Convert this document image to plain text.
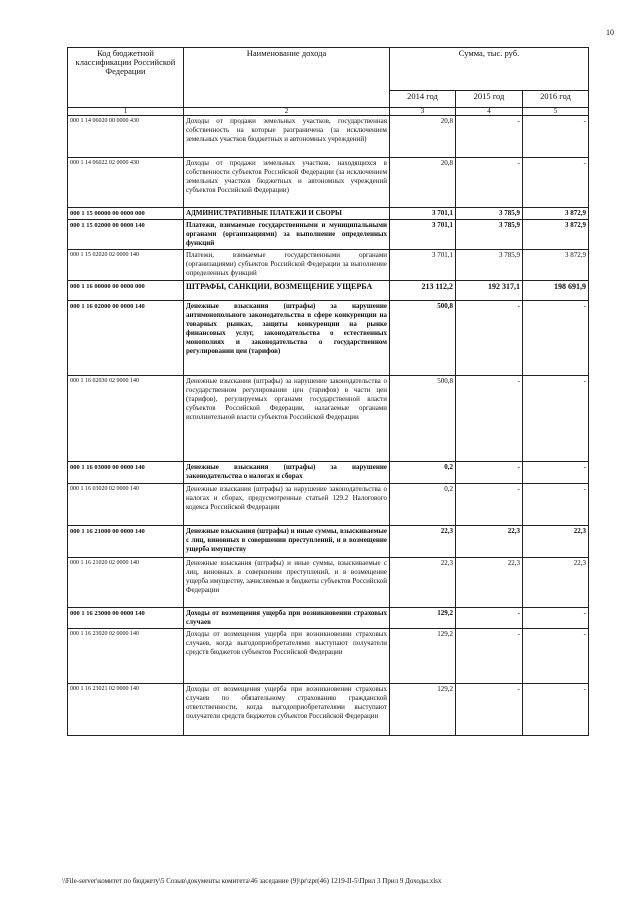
10
Код бюджетной классификации Российской Федерации	Наименование дохода	Сумма, тыс. руб.		
		2014 год	2015 год	2016 год
1	2	3	4	5
000 1 14 06020 00 0000 430	Доходы от продажи земельных участков, государственная собственность на которые разграничена (за исключением земельных участков бюджетных и автономных учреждений)	20,8	-	-
000 1 14 06022 02 0000 430	Доходы от продажи земельных участков, находящихся в собственности субъектов Российской Федерации (за исключением земельных участков бюджетных и автономных учреждений субъектов Российской Федерации)	20,8	-	-
000 1 15 00000 00 0000 000	АДМИНИСТРАТИВНЫЕ ПЛАТЕЖИ И СБОРЫ	3 701,1	3 785,9	3 872,9
000 1 15 02000 00 0000 140	Платежи, взимаемые государственными и муниципальными органами (организациями) за выполнение определенных функций	3 701,1	3 785,9	3 872,9
000 1 15 02020 02 0000 140	Платежи, взимаемые государственными органами (организациями) субъектов Российской Федерации за выполнение определенных функций	3 701,1	3 785,9	3 872,9
000 1 16 00000 00 0000 000	ШТРАФЫ, САНКЦИИ, ВОЗМЕЩЕНИЕ УЩЕРБА	213 112,2	192 317,1	198 691,9
000 1 16 02000 00 0000 140	Денежные взыскания (штрафы) за нарушение антимонопольного законодательства в сфере конкуренции на товарных рынках, защиты конкуренции на рынке финансовых услуг, законодательства о естественных монополиях и законодательства о государственном регулировании цен (тарифов)	500,8	-	-
000 1 16 02030 02 0000 140	Денежные взыскания (штрафы) за нарушение законодательства о государственном регулировании цен (тарифов) в части цен (тарифов), регулируемых органами государственной власти субъектов Российской Федерации, налагаемые органами исполнительной власти субъектов Российской Федерации	500,8	-	-
000 1 16 03000 00 0000 140	Денежные взыскания (штрафы) за нарушение законодательства о налогах и сборах	0,2	-	-
000 1 16 03020 02 0000 140	Денежные взыскания (штрафы) за нарушение законодательства о налогах и сборах, предусмотренные статьей 129.2 Налогового кодекса Российской Федерации	0,2	-	-
000 1 16 21000 00 0000 140	Денежные взыскания (штрафы) и иные суммы, взыскиваемые с лиц, виновных в совершении преступлений, и в возмещение ущерба имуществу	22,3	22,3	22,3
000 1 16 21020 02 0000 140	Денежные взыскания (штрафы) и иные суммы, взыскиваемые с лиц, виновных в совершении преступлений, и в возмещение ущерба имуществу, зачисляемые в бюджеты субъектов Российской Федерации	22,3	22,3	22,3
000 1 16 23000 00 0000 140	Доходы от возмещения ущерба при возникновении страховых случаев	129,2	-	-
000 1 16 23020 02 0000 140	Доходы от возмещения ущерба при возникновении страховых случаев, когда выгодоприобретателями выступают получатели средств бюджетов субъектов Российской Федерации	129,2	-	-
000 1 16 23021 02 0000 140	Доходы от возмещения ущерба при возникновении страховых случаев по обязательному страхованию гражданской ответственности, когда выгодоприобретателями выступают получатели средств бюджетов субъектов Российской Федерации	129,2	-	-
\\File-server\комитет по бюджету\5 Созыв\документы комитета\46 заседание (9)\pr\zpr(46) 1219-II-5\Прил 3 Прил 9 Доходы.xlsx
